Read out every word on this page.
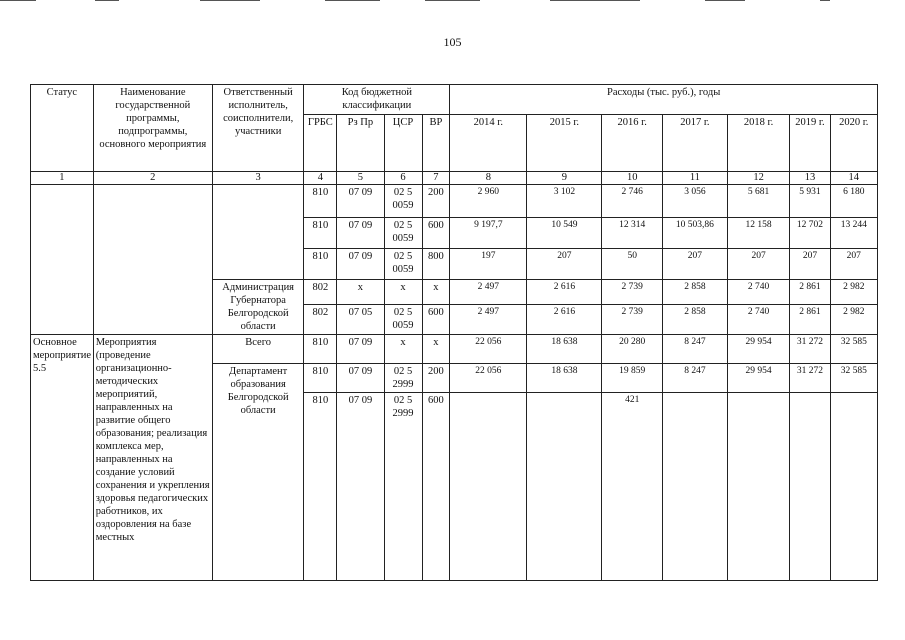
105
Статус	Наименование государственной программы, подпрограммы, основного мероприятия	Ответственный исполнитель, соисполнители, участники	Код бюджетной классификации				Расходы (тыс. руб.), годы						
			ГРБС	Рз Пр	ЦСР	ВР	2014 г.	2015 г.	2016 г.	2017 г.	2018 г.	2019 г.	2020 г.
1	2	3	4	5	6	7	8	9	10	11	12	13	14
			810	07 09	02 5 0059	200	2 960	3 102	2 746	3 056	5 681	5 931	6 180
			810	07 09	02 5 0059	600	9 197,7	10 549	12 314	10 503,86	12 158	12 702	13 244
			810	07 09	02 5 0059	800	197	207	50	207	207	207	207
		Администрация Губернатора Белгородской области	802	x	x	x	2 497	2 616	2 739	2 858	2 740	2 861	2 982
			802	07 05	02 5 0059	600	2 497	2 616	2 739	2 858	2 740	2 861	2 982
Основное мероприятие 5.5	Мероприятия (проведение организационно-методических мероприятий, направленных на развитие общего образования; реализация комплекса мер, направленных на создание условий сохранения и укрепления здоровья педагогических работников, их оздоровления на базе местных	Всего	810	07 09	x	x	22 056	18 638	20 280	8 247	29 954	31 272	32 585
		Департамент образования Белгородской области	810	07 09	02 5 2999	200	22 056	18 638	19 859	8 247	29 954	31 272	32 585
			810	07 09	02 5 2999	600			421				
